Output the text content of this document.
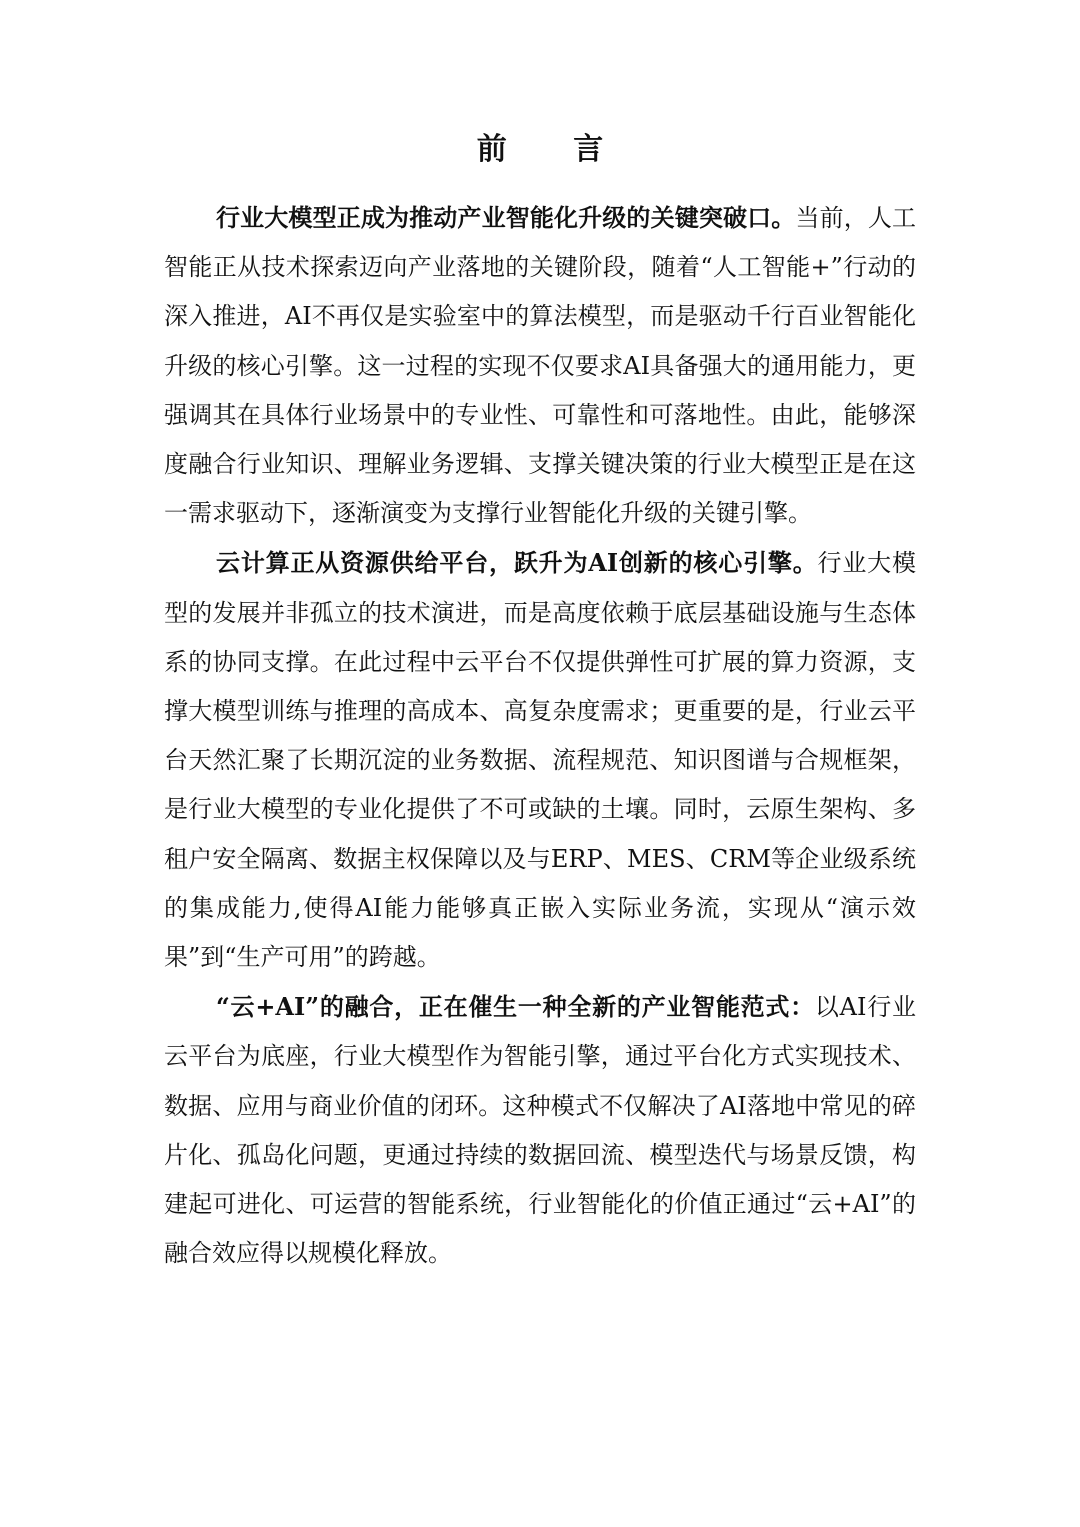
前 言

行业大模型正成为推动产业智能化升级的关键突破口。当前，人工智能正从技术探索迈向产业落地的关键阶段，随着“人工智能+”行动的深入推进，AI不再仅是实验室中的算法模型，而是驱动千行百业智能化升级的核心引擎。这一过程的实现不仅要求AI具备强大的通用能力，更强调其在具体行业场景中的专业性、可靠性和可落地性。由此，能够深度融合行业知识、理解业务逻辑、支撑关键决策的行业大模型正是在这一需求驱动下，逐渐演变为支撑行业智能化升级的关键引擎。

云计算正从资源供给平台，跃升为AI创新的核心引擎。行业大模型的发展并非孤立的技术演进，而是高度依赖于底层基础设施与生态体系的协同支撑。在此过程中云平台不仅提供弹性可扩展的算力资源，支撑大模型训练与推理的高成本、高复杂度需求；更重要的是，行业云平台天然汇聚了长期沉淀的业务数据、流程规范、知识图谱与合规框架，是行业大模型的专业化提供了不可或缺的土壤。同时，云原生架构、多租户安全隔离、数据主权保障以及与ERP、MES、CRM等企业级系统的集成能力,使得AI能力能够真正嵌入实际业务流，实现从“演示效果”到“生产可用”的跨越。

“云+AI”的融合，正在催生一种全新的产业智能范式：以AI行业云平台为底座，行业大模型作为智能引擎，通过平台化方式实现技术、数据、应用与商业价值的闭环。这种模式不仅解决了AI落地中常见的碎片化、孤岛化问题，更通过持续的数据回流、模型迭代与场景反馈，构建起可进化、可运营的智能系统，行业智能化的价值正通过“云+AI”的融合效应得以规模化释放。
